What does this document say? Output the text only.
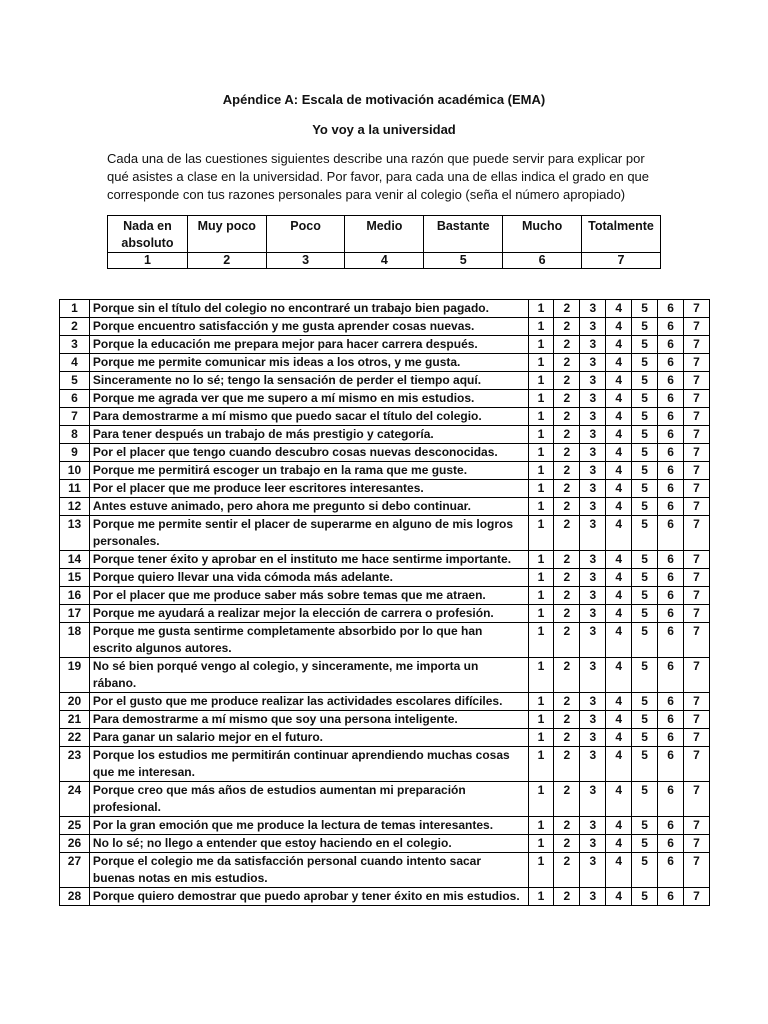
Apéndice A: Escala de motivación académica (EMA)
Yo voy a la universidad

Cada una de las cuestiones siguientes describe una razón que puede servir para explicar por qué asistes a clase en la universidad. Por favor, para cada una de ellas indica el grado en que corresponde con tus razones personales para venir al colegio (seña el número apropiado)

Nada en absoluto	Muy poco	Poco	Medio	Bastante	Mucho	Totalmente
1	2	3	4	5	6	7
1	Porque sin el título del colegio no encontraré un trabajo bien pagado.	1	2	3	4	5	6	7
2	Porque encuentro satisfacción y me gusta aprender cosas nuevas.	1	2	3	4	5	6	7
3	Porque la educación me prepara mejor para hacer carrera después.	1	2	3	4	5	6	7
4	Porque me permite comunicar mis ideas a los otros, y me gusta.	1	2	3	4	5	6	7
5	Sinceramente no lo sé; tengo la sensación de perder el tiempo aquí.	1	2	3	4	5	6	7
6	Porque me agrada ver que me supero a mí mismo en mis estudios.	1	2	3	4	5	6	7
7	Para demostrarme a mí mismo que puedo sacar el título del colegio.	1	2	3	4	5	6	7
8	Para tener después un trabajo de más prestigio y categoría.	1	2	3	4	5	6	7
9	Por el placer que tengo cuando descubro cosas nuevas desconocidas.	1	2	3	4	5	6	7
10	Porque me permitirá escoger un trabajo en la rama que me guste.	1	2	3	4	5	6	7
11	Por el placer que me produce leer escritores interesantes.	1	2	3	4	5	6	7
12	Antes estuve animado, pero ahora me pregunto si debo continuar.	1	2	3	4	5	6	7
13	Porque me permite sentir el placer de superarme en alguno de mis logros personales.	1	2	3	4	5	6	7
14	Porque tener éxito y aprobar en el instituto me hace sentirme importante.	1	2	3	4	5	6	7
15	Porque quiero llevar una vida cómoda más adelante.	1	2	3	4	5	6	7
16	Por el placer que me produce saber más sobre temas que me atraen.	1	2	3	4	5	6	7
17	Porque me ayudará a realizar mejor la elección de carrera o profesión.	1	2	3	4	5	6	7
18	Porque me gusta sentirme completamente absorbido por lo que han escrito algunos autores.	1	2	3	4	5	6	7
19	No sé bien porqué vengo al colegio, y sinceramente, me importa un rábano.	1	2	3	4	5	6	7
20	Por el gusto que me produce realizar las actividades escolares difíciles.	1	2	3	4	5	6	7
21	Para demostrarme a mí mismo que soy una persona inteligente.	1	2	3	4	5	6	7
22	Para ganar un salario mejor en el futuro.	1	2	3	4	5	6	7
23	Porque los estudios me permitirán continuar aprendiendo muchas cosas que me interesan.	1	2	3	4	5	6	7
24	Porque creo que más años de estudios aumentan mi preparación profesional.	1	2	3	4	5	6	7
25	Por la gran emoción que me produce la lectura de temas interesantes.	1	2	3	4	5	6	7
26	No lo sé; no llego a entender que estoy haciendo en el colegio.	1	2	3	4	5	6	7
27	Porque el colegio me da satisfacción personal cuando intento sacar buenas notas en mis estudios.	1	2	3	4	5	6	7
28	Porque quiero demostrar que puedo aprobar y tener éxito en mis estudios.	1	2	3	4	5	6	7
